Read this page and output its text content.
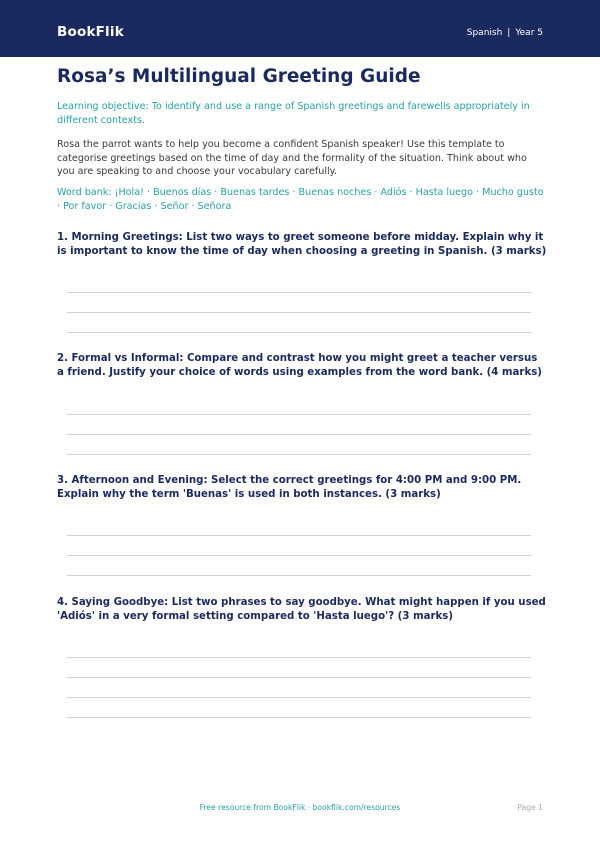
BookFlik	Spanish | Year 5
Rosa’s Multilingual Greeting Guide
Learning objective: To identify and use a range of Spanish greetings and farewells appropriately in different contexts.
Rosa the parrot wants to help you become a confident Spanish speaker! Use this template to categorise greetings based on the time of day and the formality of the situation. Think about who you are speaking to and choose your vocabulary carefully.
Word bank: ¡Hola! · Buenos días · Buenas tardes · Buenas noches · Adiós · Hasta luego · Mucho gusto · Por favor · Gracias · Señor · Señora
1. Morning Greetings: List two ways to greet someone before midday. Explain why it is important to know the time of day when choosing a greeting in Spanish. (3 marks)
2. Formal vs Informal: Compare and contrast how you might greet a teacher versus a friend. Justify your choice of words using examples from the word bank. (4 marks)
3. Afternoon and Evening: Select the correct greetings for 4:00 PM and 9:00 PM. Explain why the term 'Buenas' is used in both instances. (3 marks)
4. Saying Goodbye: List two phrases to say goodbye. What might happen if you used 'Adiós' in a very formal setting compared to 'Hasta luego'? (3 marks)
Free resource from BookFlik · bookflik.com/resources	Page 1
